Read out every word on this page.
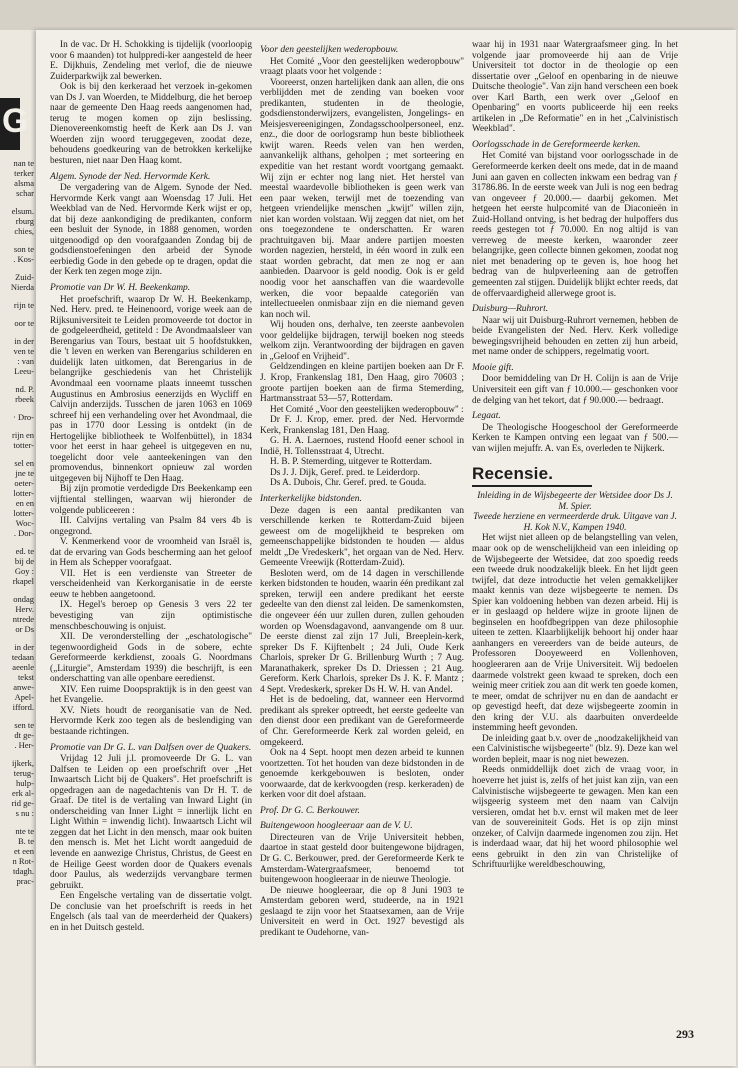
G
nan te
terker
alsma
schar
elsum.
rburg
chies,
son te
. Kos-
Zuid-
Nierda
rijn te
oor te
in der
ven te
: van
Leeu-
nd. P.
rbeek
· Dro-
rijn en
totter-
sel en
jne te
oeter-
lotter-
en en
lotter-
Woc-
. Dor-
ed. te
bij de
Goy :
rkapel
ondag
Herv.
ntrede
or Ds
in der
tedaan
aeenle
tekst
anwe-
Apel-
ifford.
sen te
dt ge-
. Her-
ijkerk,
terug-
hulp-
erk al-
rid ge-
s nu :
nte te
B. te
et een
n Rot-
tdagh.
prac-

In de vac. Dr H. Schokking is tijdelijk (voorloopig voor 6 maanden) tot hulppredi-ker aangesteld de heer E. Dijkhuis, Zendeling met verlof, die de nieuwe Zuiderparkwijk zal bewerken.

Ook is bij den kerkeraad het verzoek in-gekomen van Ds J. van Woerden, te Middelburg, die het beroep naar de gemeente Den Haag reeds aangenomen had, terug te mogen komen op zijn beslissing. Dienovereenkomstig heeft de Kerk aan Ds J. van Woerden zijn woord teruggegeven, zoodat deze, behoudens goedkeuring van de betrokken kerkelijke besturen, niet naar Den Haag komt.

Algem. Synode der Ned. Hervormde Kerk.

De vergadering van de Algem. Synode der Ned. Hervormde Kerk vangt aan Woensdag 17 Juli. Het Weekblad van de Ned. Hervormde Kerk wijst er op, dat bij deze aankondiging de predikanten, conform een besluit der Synode, in 1888 genomen, worden uitgenoodigd op den voorafgaanden Zondag bij de godsdienstoefeningen den arbeid der Synode eerbiedig Gode in den gebede op te dragen, opdat die der Kerk ten zegen moge zijn.

Promotie van Dr W. H. Beekenkamp.

Het proefschrift, waarop Dr W. H. Beekenkamp, Ned. Herv. pred. te Heinenoord, vorige week aan de Rijksuniversiteit te Leiden promoveerde tot doctor in de godgeleerdheid, getiteld : De Avondmaalsleer van Berengarius van Tours, bestaat uit 5 hoofdstukken, die 't leven en werken van Berengarius schilderen en duidelijk laten uitkomen, dat Berengarius in de belangrijke geschiedenis van het Christelijk Avondmaal een voorname plaats inneemt tusschen Augustinus en Ambrosius eenerzijds en Wycliff en Calvijn anderzijds. Tusschen de jaren 1063 en 1069 schreef hij een verhandeling over het Avondmaal, die pas in 1770 door Lessing is ontdekt (in de Hertogelijke bibliotheek te Wolfenbüttel), in 1834 voor het eerst in haar geheel is uitgegeven en nu, toegelicht door vele aanteekeningen van den promovendus, binnenkort opnieuw zal worden uitgegeven bij Nijhoff te Den Haag.

Bij zijn promotie verdedigde Drs Beekenkamp een vijftiental stellingen, waarvan wij hieronder de volgende publiceeren :

III. Calvijns vertaling van Psalm 84 vers 4b is ongegrond.

V. Kenmerkend voor de vroomheid van Israël is, dat de ervaring van Gods bescherming aan het geloof in Hem als Schepper voorafgaat.

VII. Het is een verdienste van Streeter de verscheidenheid van Kerkorganisatie in de eerste eeuw te hebben aangetoond.

IX. Hegel's beroep op Genesis 3 vers 22 ter bevestiging van zijn optimistische menschbeschouwing is onjuist.

XII. De veronderstelling der „eschatologische" tegenwoordigheid Gods in de sobere, echte Gereformeerde kerkdienst, zooals G. Noordmans („Liturgie", Amsterdam 1939) die beschrijft, is een onderschatting van alle openbare eeredienst.

XIV. Een ruime Doopspraktijk is in den geest van het Evangelie.

XV. Niets houdt de reorganisatie van de Ned. Hervormde Kerk zoo tegen als de beslendiging van bestaande richtingen.

Promotie van Dr G. L. van Dalfsen over de Quakers.

Vrijdag 12 Juli j.l. promoveerde Dr G. L. van Dalfsen te Leiden op een proefschrift over „Het Inwaartsch Licht bij de Quakers". Het proefschrift is opgedragen aan de nagedachtenis van Dr H. T. de Graaf. De titel is de vertaling van Inward Light (in onderscheiding van Inner Light = innerlijk licht en Light Within = inwendig licht). Inwaartsch Licht wil zeggen dat het Licht in den mensch, maar ook buiten den mensch is. Met het Licht wordt aangeduid de levende en aanwezige Christus, Christus, de Geest en de Heilige Geest worden door de Quakers evenals door Paulus, als wederzijds vervangbare termen gebruikt.

Een Engelsche vertaling van de dissertatie volgt. De conclusie van het proefschrift is reeds in het Engelsch (als taal van de meerderheid der Quakers) en in het Duitsch gesteld.

Voor den geestelijken wederopbouw.

Het Comité „Voor den geestelijken wederopbouw" vraagt plaats voor het volgende :

Vooreerst, onzen hartelijken dank aan allen, die ons verblijdden met de zending van boeken voor predikanten, studenten in de theologie, godsdienstonderwijzers, evangelisten, Jongelings- en Meisjesvereenigingen, Zondagsschoolpersoneel, enz. enz., die door de oorlogsramp hun beste bibliotheek kwijt waren. Reeds velen van hen werden, aanvankelijk althans, geholpen ; met sorteering en expeditie van het restant wordt voortgang gemaakt. Wij zijn er echter nog lang niet. Het herstel van meestal waardevolle bibliotheken is geen werk van een paar weken, terwijl met de toezending van hetgeen vriendelijke menschen „kwijt" willen zijn, niet kan worden volstaan. Wij zeggen dat niet, om het ons toegezondene te onderschatten. Er waren prachtuitgaven bij. Maar andere partijen moesten worden nagezien, hersteld, in één woord in zulk een staat worden gebracht, dat men ze nog er aan aanbieden. Daarvoor is geld noodig. Ook is er geld noodig voor het aanschaffen van die waardevolle werken, die voor bepaalde categoriën van intellectueelen onmisbaar zijn en die niemand geven kan noch wil.

Wij houden ons, derhalve, ten zeerste aanbevolen voor geldelijke bijdragen, terwijl boeken nog steeds welkom zijn. Verantwoording der bijdragen en gaven in „Geloof en Vrijheid".

Geldzendingen en kleine partijen boeken aan Dr F. J. Krop, Frankenslag 181, Den Haag, giro 70603 ; groote partijen boeken aan de firma Stemerding, Hartmansstraat 53—57, Rotterdam.

Het Comité „Voor den geestelijken wederopbouw" :

Dr F. J. Krop, emer. pred. der Ned. Hervormde Kerk, Frankenslag 181, Den Haag.

G. H. A. Laernoes, rustend Hoofd eener school in Indië, H. Tollensstraat 4, Utrecht.

H. B. P. Stemerding, uitgever te Rotterdam.

Ds J. J. Dijk, Geref. pred. te Leiderdorp.

Ds A. Dubois, Chr. Geref. pred. te Gouda.

Interkerkelijke bidstonden.

Deze dagen is een aantal predikanten van verschillende kerken te Rotterdam-Zuid bijeen geweest om de mogelijkheid te bespreken om gemeenschappelijke bidstonden te houden — aldus meldt „De Vredeskerk", het orgaan van de Ned. Herv. Gemeente Vreewijk (Rotterdam-Zuid).

Besloten werd, om de 14 dagen in verschillende kerken bidstonden te houden, waarin één predikant zal spreken, terwijl een andere predikant het eerste gedeelte van den dienst zal leiden. De samenkomsten, die ongeveer één uur zullen duren, zullen gehouden worden op Woensdagavond, aanvangende om 8 uur. De eerste dienst zal zijn 17 Juli, Breeplein-kerk, spreker Ds F. Kijftenbelt ; 24 Juli, Oude Kerk Charlois, spreker Dr G. Brillenburg Wurth ; 7 Aug. Maranathakerk, spreker Ds D. Driessen ; 21 Aug. Gereform. Kerk Charlois, spreker Ds J. K. F. Mantz ; 4 Sept. Vredeskerk, spreker Ds H. W. H. van Andel.

Het is de bedoeling, dat, wanneer een Hervormd predikant als spreker optreedt, het eerste gedeelte van den dienst door een predikant van de Gereformeerde of Chr. Gereformeerde Kerk zal worden geleid, en omgekeerd.

Ook na 4 Sept. hoopt men dezen arbeid te kunnen voortzetten. Tot het houden van deze bidstonden in de genoemde kerkgebouwen is besloten, onder voorwaarde, dat de kerkvoogden (resp. kerkeraden) de kerken voor dit doel afstaan.

Prof. Dr G. C. Berkouwer.
Buitengewoon hoogleeraar aan de V. U.

Directeuren van de Vrije Universiteit hebben, daartoe in staat gesteld door buitengewone bijdragen, Dr G. C. Berkouwer, pred. der Gereformeerde Kerk te Amsterdam-Watergraafsmeer, benoemd tot buitengewoon hoogleeraar in de nieuwe Theologie.

De nieuwe hoogleeraar, die op 8 Juni 1903 te Amsterdam geboren werd, studeerde, na in 1921 geslaagd te zijn voor het Staatsexamen, aan de Vrije Universiteit en werd in Oct. 1927 bevestigd als predikant te Oudehorne, van-

waar hij in 1931 naar Watergraafsmeer ging. In het volgende jaar promoveerde hij aan de Vrije Universiteit tot doctor in de theologie op een dissertatie over „Geloof en openbaring in de nieuwe Duitsche theologie". Van zijn hand verscheen een boek over Karl Barth, een werk over „Geloof en Openbaring" en voorts publiceerde hij een reeks artikelen in „De Reformatie" en in het „Calvinistisch Weekblad".

Oorlogsschade in de Gereformeerde kerken.

Het Comité van bijstand voor oorlogsschade in de Gereformeerde kerken deelt ons mede, dat in de maand Juni aan gaven en collecten inkwam een bedrag van ƒ 31786.86. In de eerste week van Juli is nog een bedrag van ongeveer ƒ 20.000.— daarbij gekomen. Met hetgeen het eerste hulpcomité van de Diaconieën in Zuid-Holland ontving, is het bedrag der hulpoffers dus reeds gestegen tot ƒ 70.000. En nog altijd is van verreweg de meeste kerken, waaronder zeer belangrijke, geen collecte binnen gekomen, zoodat nog niet met benadering op te geven is, hoe hoog het bedrag van de hulpverleening aan de getroffen gemeenten zal stijgen. Duidelijk blijkt echter reeds, dat de offervaardigheid allerwege groot is.

Duisburg—Ruhrort.

Naar wij uit Duisburg-Ruhrort vernemen, hebben de beide Evangelisten der Ned. Herv. Kerk volledige bewegingsvrijheid behouden en zetten zij hun arbeid, met name onder de schippers, regelmatig voort.

Mooie gift.

Door bemiddeling van Dr H. Colijn is aan de Vrije Universiteit een gift van ƒ 10.000.— geschonken voor de delging van het tekort, dat ƒ 90.000.— bedraagt.

Legaat.

De Theologische Hoogeschool der Gereformeerde Kerken te Kampen ontving een legaat van ƒ 500.— van wijlen mejuffr. A. van Es, overleden te Nijkerk.

Recensie.

Inleiding in de Wijsbegeerte der Wetsidee door Ds J. M. Spier.

Tweede herziene en vermeerderde druk. Uitgave van J. H. Kok N.V., Kampen 1940.

Het wijst niet alleen op de belangstelling van velen, maar ook op de wenschelijkheid van een inleiding op de Wijsbegeerte der Wetsidee, dat zoo spoedig reeds een tweede druk noodzakelijk bleek. En het lijdt geen twijfel, dat deze introductie het velen gemakkelijker maakt kennis van deze wijsbegeerte te nemen. Ds Spier kan voldoening hebben van dezen arbeid. Hij is er in geslaagd op heldere wijze in groote lijnen de beginselen en hoofdbegrippen van deze philosophie uiteen te zetten. Klaarblijkelijk behoort hij onder haar aanhangers en vereerders van de beide auteurs, de Professoren Dooyeweerd en Vollenhoven, hoogleeraren aan de Vrije Universiteit. Wij bedoelen daarmede volstrekt geen kwaad te spreken, doch een weinig meer critiek zou aan dit werk ten goede komen, te meer, omdat de schrijver nu en dan de aandacht er op gevestigd heeft, dat deze wijsbegeerte zoomin in den kring der V.U. als daarbuiten onverdeelde instemming heeft gevonden.

De inleiding gaat b.v. over de „noodzakelijkheid van een Calvinistische wijsbegeerte" (blz. 9). Deze kan wel worden bepleit, maar is nog niet bewezen.

Reeds onmiddellijk doet zich de vraag voor, in hoeverre het juist is, zelfs of het juist kan zijn, van een Calvinistische wijsbegeerte te gewagen. Men kan een wijsgeerig systeem met den naam van Calvijn versieren, omdat het b.v. ernst wil maken met de leer van de souvereiniteit Gods. Het is op zijn minst onzeker, of Calvijn daarmede ingenomen zou zijn. Het is inderdaad waar, dat hij het woord philosophie wel eens gebruikt in den zin van Christelijke of Schriftuurlijke wereldbeschouwing,

293
